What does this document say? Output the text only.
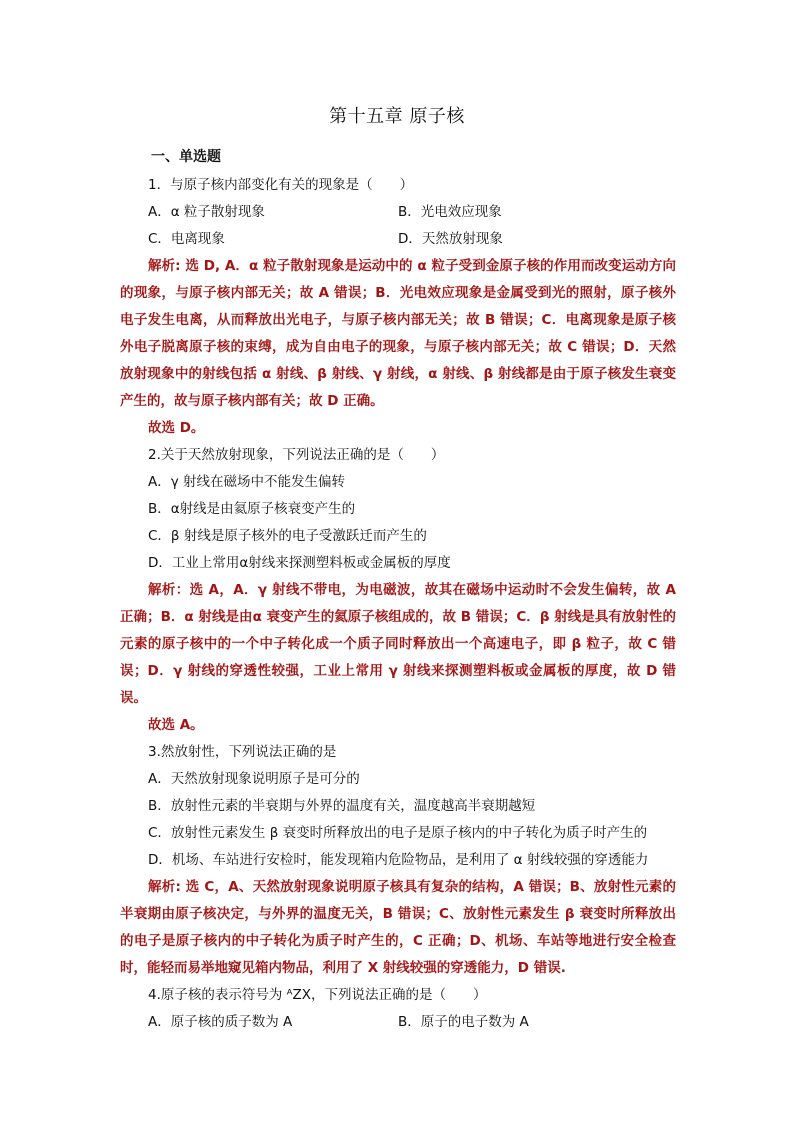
第十五章 原子核
一、单选题
1．与原子核内部变化有关的现象是（　　）
A．α 粒子散射现象	B．光电效应现象
C．电离现象	D．天然放射现象
解析: 选 D, A．α 粒子散射现象是运动中的 α 粒子受到金原子核的作用而改变运动方向的现象，与原子核内部无关；故 A 错误；B．光电效应现象是金属受到光的照射，原子核外电子发生电离，从而释放出光电子，与原子核内部无关；故 B 错误；C．电离现象是原子核外电子脱离原子核的束缚，成为自由电子的现象，与原子核内部无关；故 C 错误；D．天然放射现象中的射线包括 α 射线、β 射线、γ 射线，α 射线、β 射线都是由于原子核发生衰变产生的，故与原子核内部有关；故 D 正确。
故选 D。
2.关于天然放射现象，下列说法正确的是（　　）
A．γ 射线在磁场中不能发生偏转
B．α射线是由氦原子核衰变产生的
C．β 射线是原子核外的电子受激跃迁而产生的
D．工业上常用α射线来探测塑料板或金属板的厚度
解析：选 A，A．γ 射线不带电，为电磁波，故其在磁场中运动时不会发生偏转，故 A 正确；B．α 射线是由α 衰变产生的氦原子核组成的，故 B 错误；C．β 射线是具有放射性的元素的原子核中的一个中子转化成一个质子同时释放出一个高速电子，即 β 粒子，故 C 错误；D．γ 射线的穿透性较强，工业上常用 γ 射线来探测塑料板或金属板的厚度，故 D 错误。
故选 A。
3.然放射性，下列说法正确的是
A．天然放射现象说明原子是可分的
B．放射性元素的半衰期与外界的温度有关，温度越高半衰期越短
C．放射性元素发生 β 衰变时所释放出的电子是原子核内的中子转化为质子时产生的
D．机场、车站进行安检时，能发现箱内危险物品，是利用了 α 射线较强的穿透能力
解析: 选 C，A、天然放射现象说明原子核具有复杂的结构，A 错误；B、放射性元素的半衰期由原子核决定，与外界的温度无关，B 错误；C、放射性元素发生 β 衰变时所释放出的电子是原子核内的中子转化为质子时产生的，C 正确；D、机场、车站等地进行安全检查时，能轻而易举地窥见箱内物品，利用了 X 射线较强的穿透能力，D 错误.
4.原子核的表示符号为 ᴬZX，下列说法正确的是（　　）
A．原子核的质子数为 A	B．原子的电子数为 A
